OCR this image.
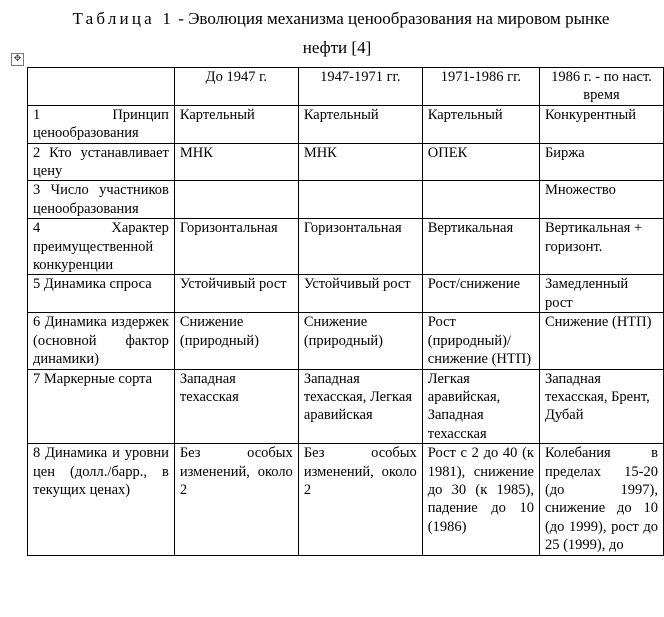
Таблица 1 - Эволюция механизма ценообразования на мировом рынке
нефти [4]
✥
	До 1947 г.	1947-1971 гг.	1971-1986 гг.	1986 г. - по наст. время
1 Принцип ценообразования	Картельный	Картельный	Картельный	Конкурентный
2 Кто устанавливает цену	МНК	МНК	ОПЕК	Биржа
3 Число участников ценообразования				Множество
4 Характер преимущественной конкуренции	Горизонтальная	Горизонтальная	Вертикальная	Вертикальная + горизонт.
5 Динамика спроса	Устойчивый рост	Устойчивый рост	Рост/снижение	Замедленный рост
6 Динамика издержек (основной фактор динамики)	Снижение (природный)	Снижение (природный)	Рост (природный)/ снижение (НТП)	Снижение (НТП)
7 Маркерные сорта	Западная техасская	Западная техасская, Легкая аравийская	Легкая аравийская, Западная техасская	Западная техасская, Брент, Дубай
8 Динамика и уровни цен (долл./барр., в текущих ценах)	Без особых изменений, около 2	Без особых изменений, около 2	Рост с 2 до 40 (к 1981), снижение до 30 (к 1985), падение до 10 (1986)	Колебания в пределах 15-20 (до 1997), снижение до 10 (до 1999), рост до 25 (1999), до
